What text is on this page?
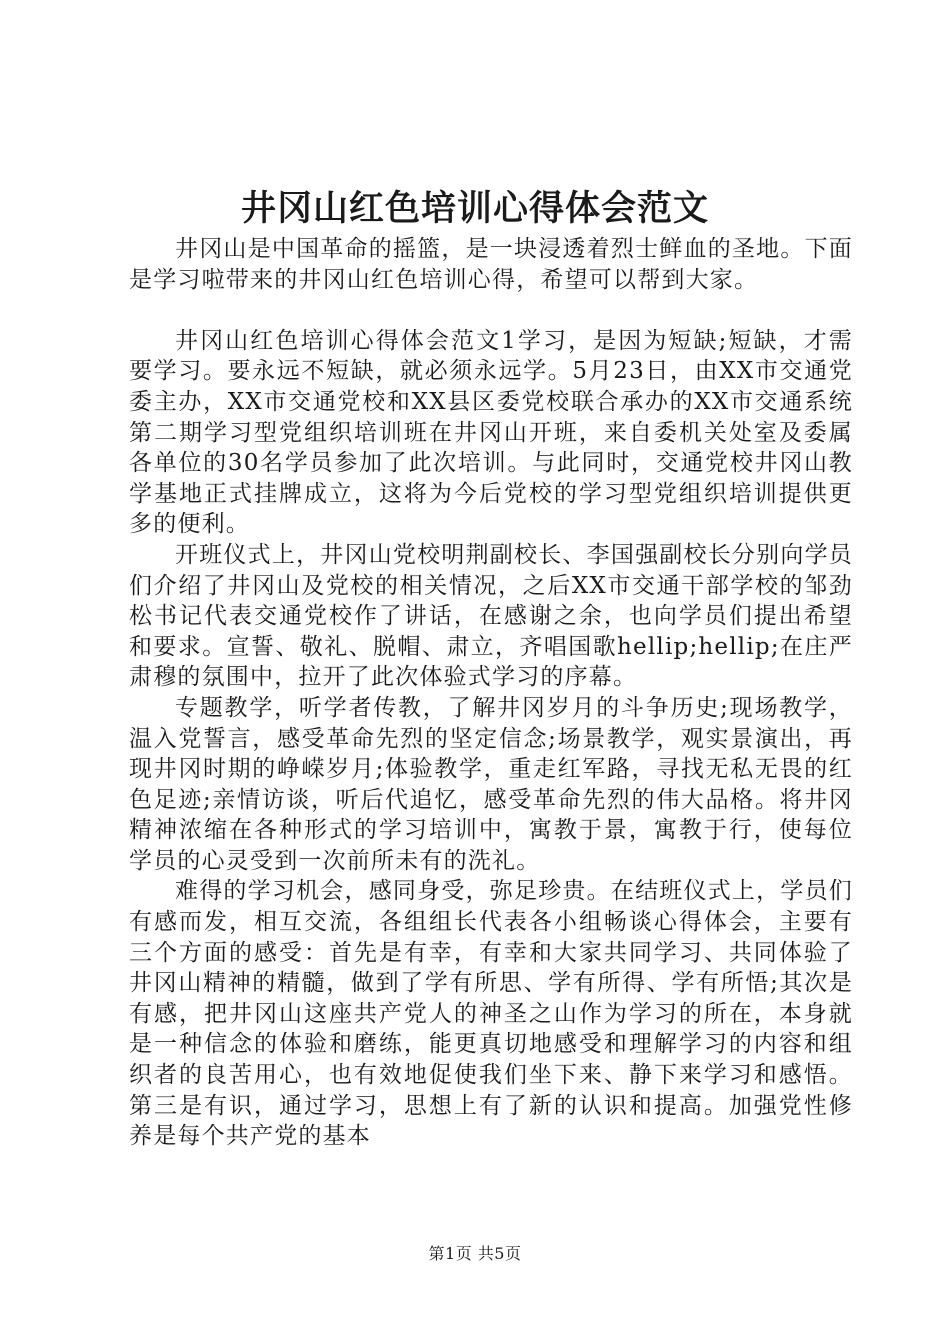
井冈山红色培训心得体会范文

井冈山是中国革命的摇篮，是一块浸透着烈士鲜血的圣地。下面是学习啦带来的井冈山红色培训心得，希望可以帮到大家。

井冈山红色培训心得体会范文1学习，是因为短缺;短缺，才需要学习。要永远不短缺，就必须永远学。5月23日，由XX市交通党委主办，XX市交通党校和XX县区委党校联合承办的XX市交通系统第二期学习型党组织培训班在井冈山开班，来自委机关处室及委属各单位的30名学员参加了此次培训。与此同时，交通党校井冈山教学基地正式挂牌成立，这将为今后党校的学习型党组织培训提供更多的便利。

开班仪式上，井冈山党校明荆副校长、李国强副校长分别向学员们介绍了井冈山及党校的相关情况，之后XX市交通干部学校的邹劲松书记代表交通党校作了讲话，在感谢之余，也向学员们提出希望和要求。宣誓、敬礼、脱帽、肃立，齐唱国歌hellip;hellip;在庄严肃穆的氛围中，拉开了此次体验式学习的序幕。

专题教学，听学者传教，了解井冈岁月的斗争历史;现场教学，温入党誓言，感受革命先烈的坚定信念;场景教学，观实景演出，再现井冈时期的峥嵘岁月;体验教学，重走红军路，寻找无私无畏的红色足迹;亲情访谈，听后代追忆，感受革命先烈的伟大品格。将井冈精神浓缩在各种形式的学习培训中，寓教于景，寓教于行，使每位学员的心灵受到一次前所未有的洗礼。

难得的学习机会，感同身受，弥足珍贵。在结班仪式上，学员们有感而发，相互交流，各组组长代表各小组畅谈心得体会，主要有三个方面的感受：首先是有幸，有幸和大家共同学习、共同体验了井冈山精神的精髓，做到了学有所思、学有所得、学有所悟;其次是有感，把井冈山这座共产党人的神圣之山作为学习的所在，本身就是一种信念的体验和磨练，能更真切地感受和理解学习的内容和组织者的良苦用心，也有效地促使我们坐下来、静下来学习和感悟。第三是有识，通过学习，思想上有了新的认识和提高。加强党性修养是每个共产党的基本

第1页 共5页
